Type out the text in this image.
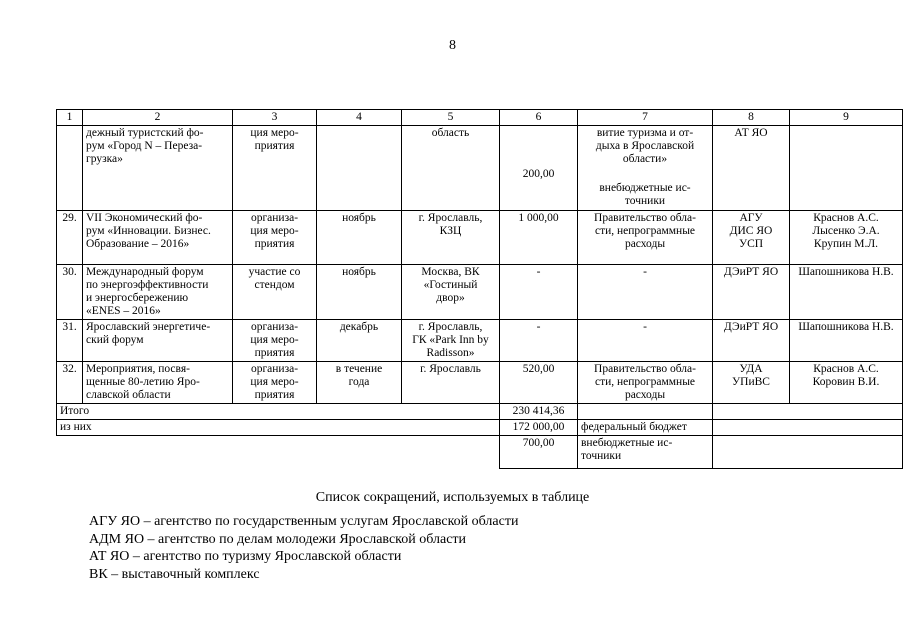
8
1	2	3	4	5	6	7	8	9
	дежный туристский фо-
рум «Город N – Переза-
грузка»	ция меро-
приятия		область	200,00	витие туризма и от-
дыха в Ярославской
области»
внебюджетные ис-
точники	АТ ЯО	
29.	VII Экономический фо-
рум «Инновации. Бизнес.
Образование – 2016»	организа-
ция меро-
приятия	ноябрь	г. Ярославль,
КЗЦ	1 000,00	Правительство обла-
сти, непрограммные
расходы	АГУ
ДИС ЯО
УСП	Краснов А.С.
Лысенко Э.А.
Крупин М.Л.
30.	Международный форум
по энергоэффективности
и энергосбережению
«ENES – 2016»	участие со
стендом	ноябрь	Москва, ВК
«Гостиный
двор»	-	-	ДЭиРТ ЯО	Шапошникова Н.В.
31.	Ярославский энергетиче-
ский форум	организа-
ция меро-
приятия	декабрь	г. Ярославль,
ГК «Park Inn by
Radisson»	-	-	ДЭиРТ ЯО	Шапошникова Н.В.
32.	Мероприятия, посвя-
щенные 80-летию Яро-
славской области	организа-
ция меро-
приятия	в течение
года	г. Ярославль	520,00	Правительство обла-
сти, непрограммные
расходы	УДА
УПиВС	Краснов А.С.
Коровин В.И.
Итого					230 414,36			
из них					172 000,00	федеральный бюджет		
					700,00	внебюджетные ис-
точники		
Список сокращений, используемых в таблице
АГУ ЯО – агентство по государственным услугам Ярославской области
АДМ ЯО – агентство по делам молодежи Ярославской области
АТ ЯО – агентство по туризму Ярославской области
ВК – выставочный комплекс
